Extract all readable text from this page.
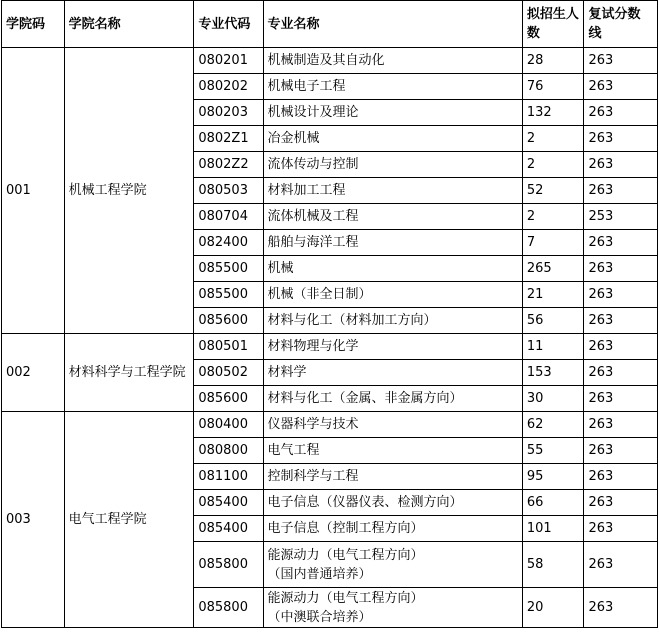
学院码	学院名称	专业代码	专业名称	拟招生人数	复试分数线
001	机械工程学院	080201	机械制造及其自动化	28	263
		080202	机械电子工程	76	263
		080203	机械设计及理论	132	263
		0802Z1	冶金机械	2	263
		0802Z2	流体传动与控制	2	263
		080503	材料加工工程	52	263
		080704	流体机械及工程	2	253
		082400	船舶与海洋工程	7	263
		085500	机械	265	263
		085500	机械（非全日制）	21	263
		085600	材料与化工（材料加工方向）	56	263
002	材料科学与工程学院	080501	材料物理与化学	11	263
		080502	材料学	153	263
		085600	材料与化工（金属、非金属方向）	30	263
003	电气工程学院	080400	仪器科学与技术	62	263
		080800	电气工程	55	263
		081100	控制科学与工程	95	263
		085400	电子信息（仪器仪表、检测方向）	66	263
		085400	电子信息（控制工程方向）	101	263
		085800	能源动力（电气工程方向）
（国内普通培养）	58	263
		085800	能源动力（电气工程方向）
（中澳联合培养）	20	263
